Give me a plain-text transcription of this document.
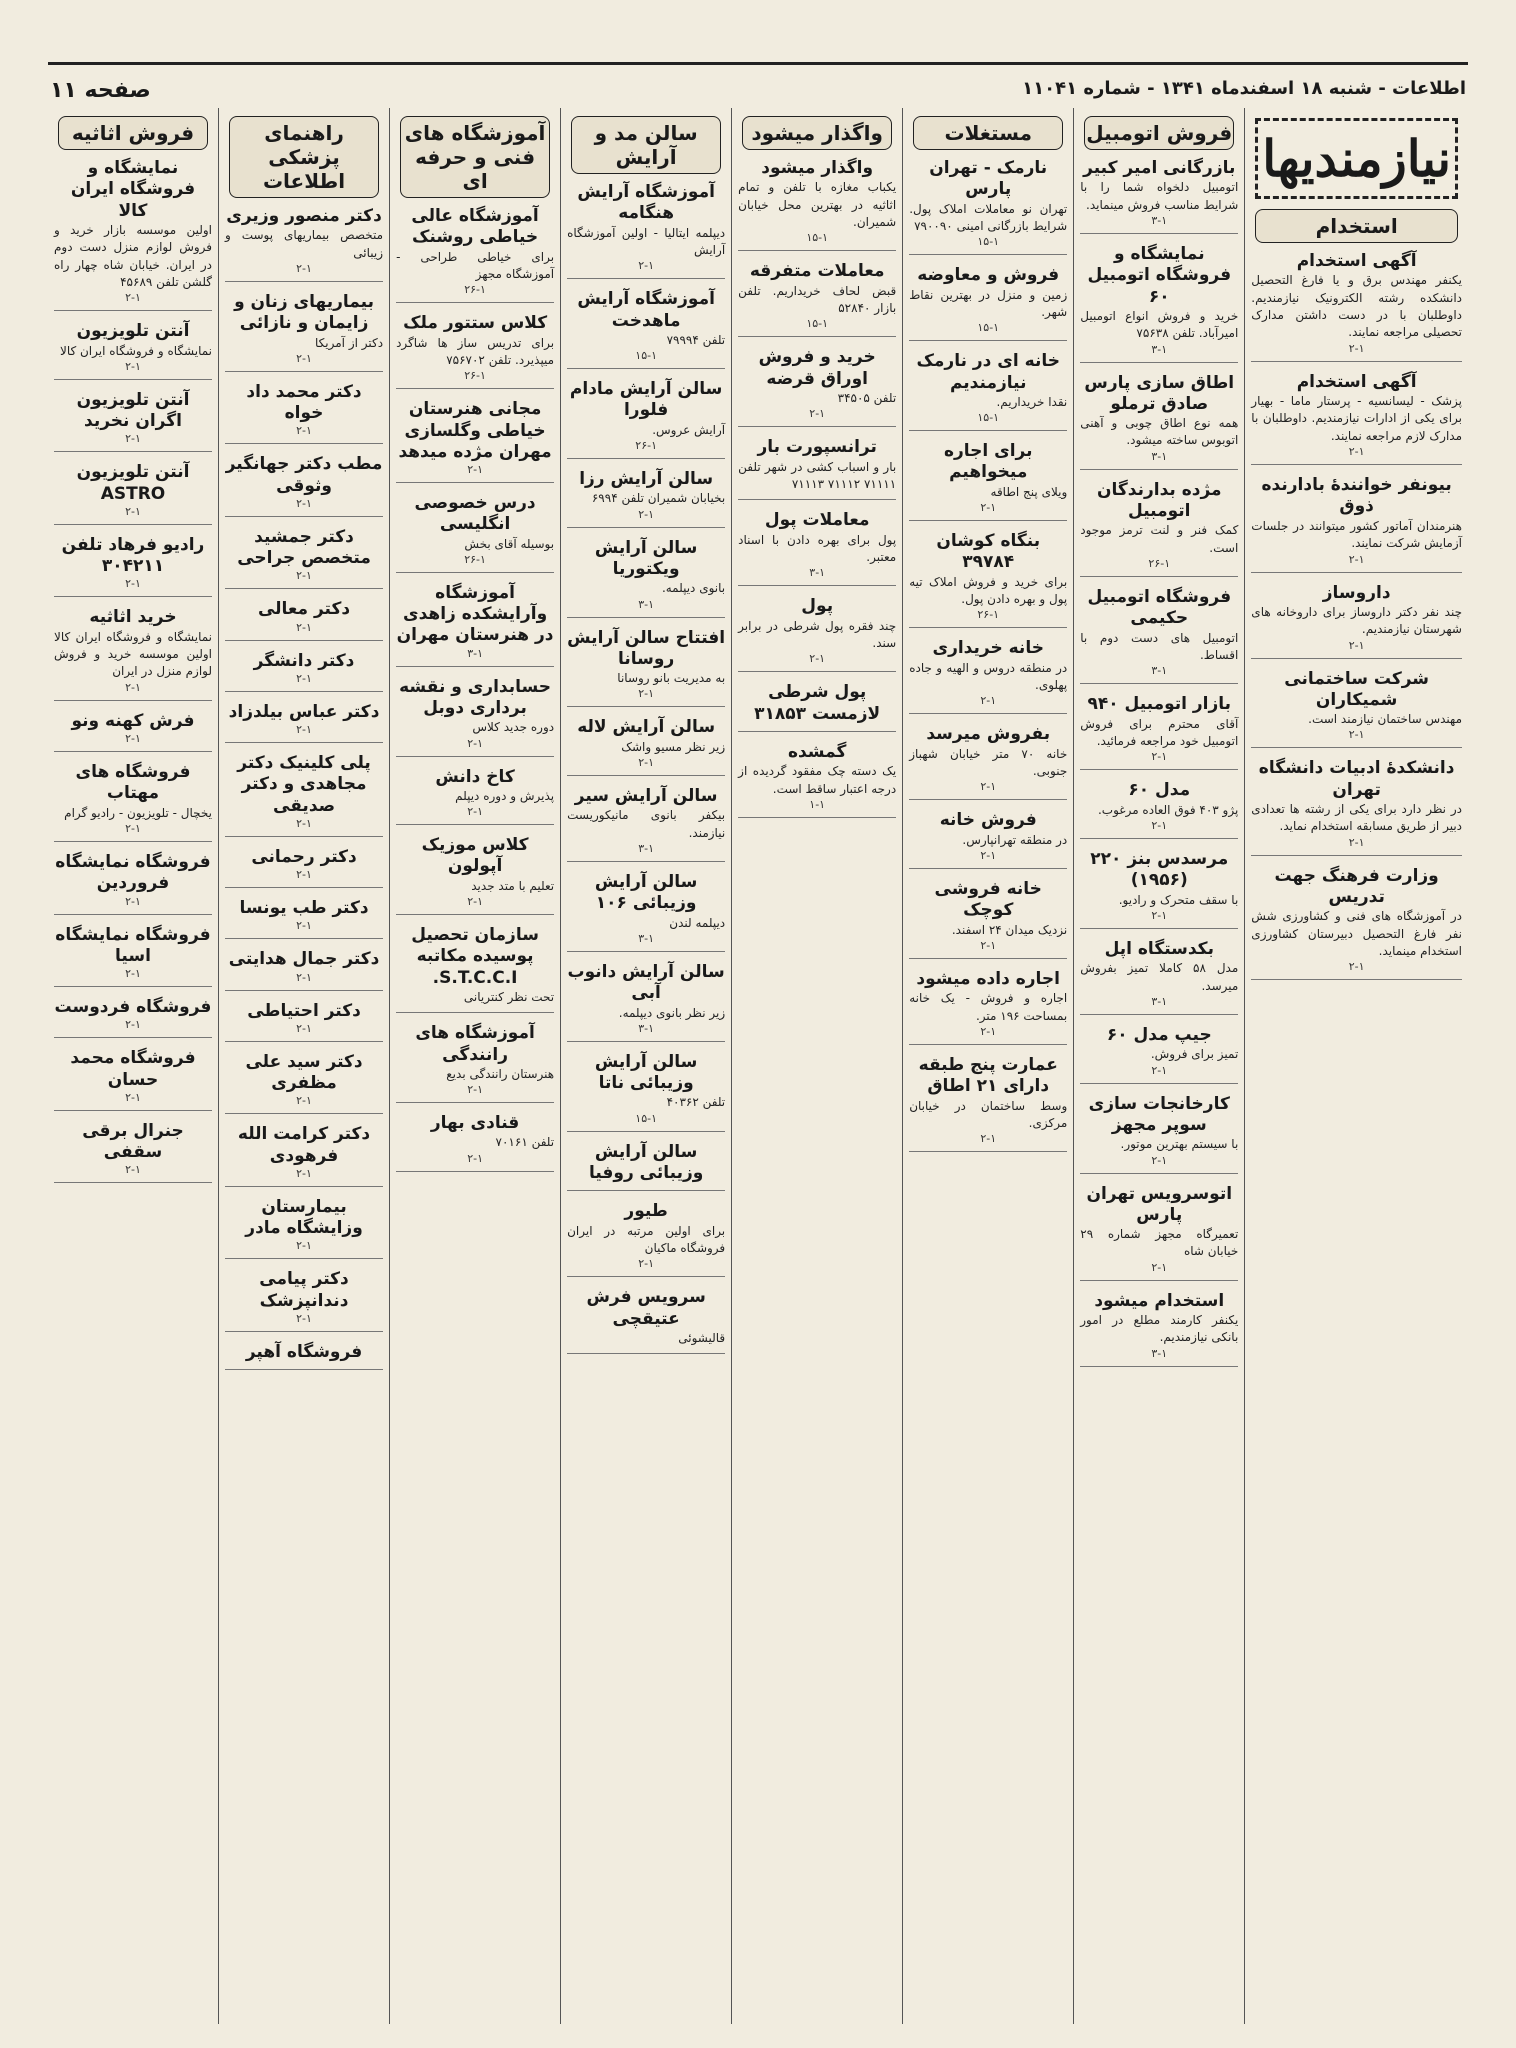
صفحه ۱۱	اطلاعات - شنبه ۱۸ اسفندماه ۱۳۴۱ - شماره ۱۱۰۴۱
نیازمندیها
استخدام
آگهی استخدام
یکنفر مهندس برق و یا فارغ التحصیل دانشکده رشته الکترونیک نیازمندیم. داوطلبان با در دست داشتن مدارک تحصیلی مراجعه نمایند.
۲-۱
آگهی استخدام
پزشک - لیسانسیه - پرستار ماما - بهیار برای یکی از ادارات نیازمندیم. داوطلبان با مدارک لازم مراجعه نمایند.
۲-۱
بیونفر خوانندهٔ بادارنده ذوق
هنرمندان آماتور کشور میتوانند در جلسات آزمایش شرکت نمایند.
۲-۱
داروساز
چند نفر دکتر داروساز برای داروخانه های شهرستان نیازمندیم.
۲-۱
شرکت ساختمانی شمیکاران
مهندس ساختمان نیازمند است.
۲-۱
دانشکدهٔ ادبیات دانشگاه تهران
در نظر دارد برای یکی از رشته ها تعدادی دبیر از طریق مسابقه استخدام نماید.
۲-۱
وزارت فرهنگ جهت تدریس
در آموزشگاه های فنی و کشاورزی شش نفر فارغ التحصیل دبیرستان کشاورزی استخدام مینماید.
۲-۱
فروش اتومبیل
بازرگانی امیر کبیر
اتومبیل دلخواه شما را با شرایط مناسب فروش مینماید.
۳-۱
نمایشگاه و فروشگاه اتومبیل ۶۰
خرید و فروش انواع اتومبیل امیرآباد. تلفن ۷۵۶۳۸
۳-۱
اطاق سازی پارس صادق ترملو
همه نوع اطاق چوبی و آهنی اتوبوس ساخته میشود.
۳-۱
مژده بدارندگان اتومبیل
کمک فنر و لنت ترمز موجود است.
۲۶-۱
فروشگاه اتومبیل حکیمی
اتومبیل های دست دوم با اقساط.
۳-۱
بازار اتومبیل ۹۴۰
آقای محترم برای فروش اتومبیل خود مراجعه فرمائید.
۲-۱
مدل ۶۰
پژو ۴۰۳ فوق العاده مرغوب.
۲-۱
مرسدس بنز ۲۲۰ (۱۹۵۶)
با سقف متحرک و رادیو.
۲-۱
بکدستگاه اپل
مدل ۵۸ کاملا تمیز بفروش میرسد.
۳-۱
جیپ مدل ۶۰
تمیز برای فروش.
۲-۱
کارخانجات سازی سوپر مجهز
با سیستم بهترین موتور.
۲-۱
اتوسرویس تهران پارس
تعمیرگاه مجهز شماره ۲۹ خیابان شاه
۲-۱
استخدام میشود
یکنفر کارمند مطلع در امور بانکی نیازمندیم.
۳-۱
مستغلات
نارمک - تهران پارس
تهران نو معاملات املاک پول. شرایط بازرگانی امینی ۷۹۰۰۹۰
۱۵-۱
فروش و معاوضه
زمین و منزل در بهترین نقاط شهر.
۱۵-۱
خانه ای در نارمک نیازمندیم
نقدا خریداریم.
۱۵-۱
برای اجاره میخواهیم
ویلای پنج اطاقه
۲-۱
بنگاه کوشان ۳۹۷۸۴
برای خرید و فروش املاک تیه پول و بهره دادن پول.
۲۶-۱
خانه خریداری
در منطقه دروس و الهیه و جاده پهلوی.
۲-۱
بفروش میرسد
خانه ۷۰ متر خیابان شهباز جنوبی.
۲-۱
فروش خانه
در منطقه تهرانپارس.
۲-۱
خانه فروشی کوچک
نزدیک میدان ۲۴ اسفند.
۲-۱
اجاره داده میشود
اجاره و فروش - یک خانه بمساحت ۱۹۶ متر.
۲-۱
عمارت پنج طبقه دارای ۲۱ اطاق
وسط ساختمان در خیابان مرکزی.
۲-۱
واگذار میشود
واگذار میشود
یکباب مغازه با تلفن و تمام اثاثیه در بهترین محل خیابان شمیران.
۱۵-۱
معاملات متفرقه
قبض لحاف خریداریم. تلفن بازار ۵۲۸۴۰
۱۵-۱
خرید و فروش اوراق قرضه
تلفن ۳۴۵۰۵
۲-۱
ترانسپورت بار
بار و اسباب کشی در شهر تلفن ۷۱۱۱۱ ۷۱۱۱۲ ۷۱۱۱۳
معاملات پول
پول برای بهره دادن با اسناد معتبر.
۳-۱
پول
چند فقره پول شرطی در برابر سند.
۲-۱
پول شرطی لازمست ۳۱۸۵۳
گمشده
یک دسته چک مفقود گردیده از درجه اعتبار ساقط است.
۱-۱
سالن مد و آرایش
آموزشگاه آرایش هنگامه
دیپلمه ایتالیا - اولین آموزشگاه آرایش
۲-۱
آموزشگاه آرایش ماهدخت
تلفن ۷۹۹۹۴
۱۵-۱
سالن آرایش مادام فلورا
آرایش عروس.
۲۶-۱
سالن آرایش رزا
بخیابان شمیران تلفن ۶۹۹۴
۲-۱
سالن آرایش ویکتوریا
بانوی دیپلمه.
۳-۱
افتتاح سالن آرایش روسانا
به مدیریت بانو روسانا
۲-۱
سالن آرایش لاله
زیر نظر مسیو واشک
۲-۱
سالن آرایش سیر
بیکفر بانوی مانیکوریست نیازمند.
۳-۱
سالن آرایش وزیبائی ۱۰۶
دیپلمه لندن
۳-۱
سالن آرایش دانوب آبی
زیر نظر بانوی دیپلمه.
۳-۱
سالن آرایش وزیبائی ناتا
تلفن ۴۰۳۶۲
۱۵-۱
سالن آرایش وزیبائی روفیا
طیور
برای اولین مرتبه در ایران فروشگاه ماکیان
۲-۱
سرویس فرش عتیقچی
قالیشوئی
آموزشگاه های فنی و حرفه ای
آموزشگاه عالی خیاطی روشنک
برای خیاطی طراحی - آموزشگاه مجهز
۲۶-۱
کلاس ستتور ملک
برای تدریس ساز ها شاگرد میپذیرد. تلفن ۷۵۶۷۰۲
۲۶-۱
مجانی هنرستان خیاطی وگلسازی مهران مژده میدهد
۲-۱
درس خصوصی انگلیسی
بوسیله آقای بخش
۲۶-۱
آموزشگاه وآرایشکده زاهدی در هنرستان مهران
۳-۱
حسابداری و نقشه برداری دوبل
دوره جدید کلاس
۲-۱
کاخ دانش
پذیرش و دوره دیپلم
۲-۱
کلاس موزیک آپولون
تعلیم با متد جدید
۲-۱
سازمان تحصیل پوسیده مکاتبه S.T.C.C.I.
تحت نظر کنتریانی
آموزشگاه های رانندگی
هنرستان رانندگی بدیع
۲-۱
قنادی بهار
تلفن ۷۰۱۶۱
۲-۱
راهنمای پزشکی اطلاعات
دکتر منصور وزیری
متخصص بیماریهای پوست و زیبائی
۲-۱
بیماریهای زنان و زایمان و نازائی
دکتر از آمریکا
۲-۱
دکتر محمد داد خواه
۲-۱
مطب دکتر جهانگیر وثوقی
۲-۱
دکتر جمشید متخصص جراحی
۲-۱
دکتر معالی
۲-۱
دکتر دانشگر
۲-۱
دکتر عباس بیلدزاد
۲-۱
پلی کلینیک دکتر مجاهدی و دکتر صدیقی
۲-۱
دکتر رحمانی
۲-۱
دکتر طب یونسا
۲-۱
دکتر جمال هدایتی
۲-۱
دکتر احتیاطی
۲-۱
دکتر سید علی مظفری
۲-۱
دکتر کرامت الله فرهودی
۲-۱
بیمارستان وزایشگاه مادر
۲-۱
دکتر پیامی دندانپزشک
۲-۱
فروشگاه آهپر
فروش اثاثیه
نمایشگاه و فروشگاه ایران کالا
اولین موسسه بازار خرید و فروش لوازم منزل دست دوم در ایران. خیابان شاه چهار راه گلشن تلفن ۴۵۶۸۹
۲-۱
آنتن تلویزیون
نمایشگاه و فروشگاه ایران کالا
۲-۱
آنتن تلویزیون اگران نخرید
۲-۱
آنتن تلویزیون ASTRO
۲-۱
رادیو فرهاد تلفن ۳۰۴۲۱۱
۲-۱
خرید اثاثیه
نمایشگاه و فروشگاه ایران کالا اولین موسسه خرید و فروش لوازم منزل در ایران
۲-۱
فرش کهنه ونو
۲-۱
فروشگاه های مهتاب
یخچال - تلویزیون - رادیو گرام
۲-۱
فروشگاه نمایشگاه فروردین
۲-۱
فروشگاه نمایشگاه اسیا
۲-۱
فروشگاه فردوست
۲-۱
فروشگاه محمد حسان
۲-۱
جنرال برقی سقفی
۲-۱
